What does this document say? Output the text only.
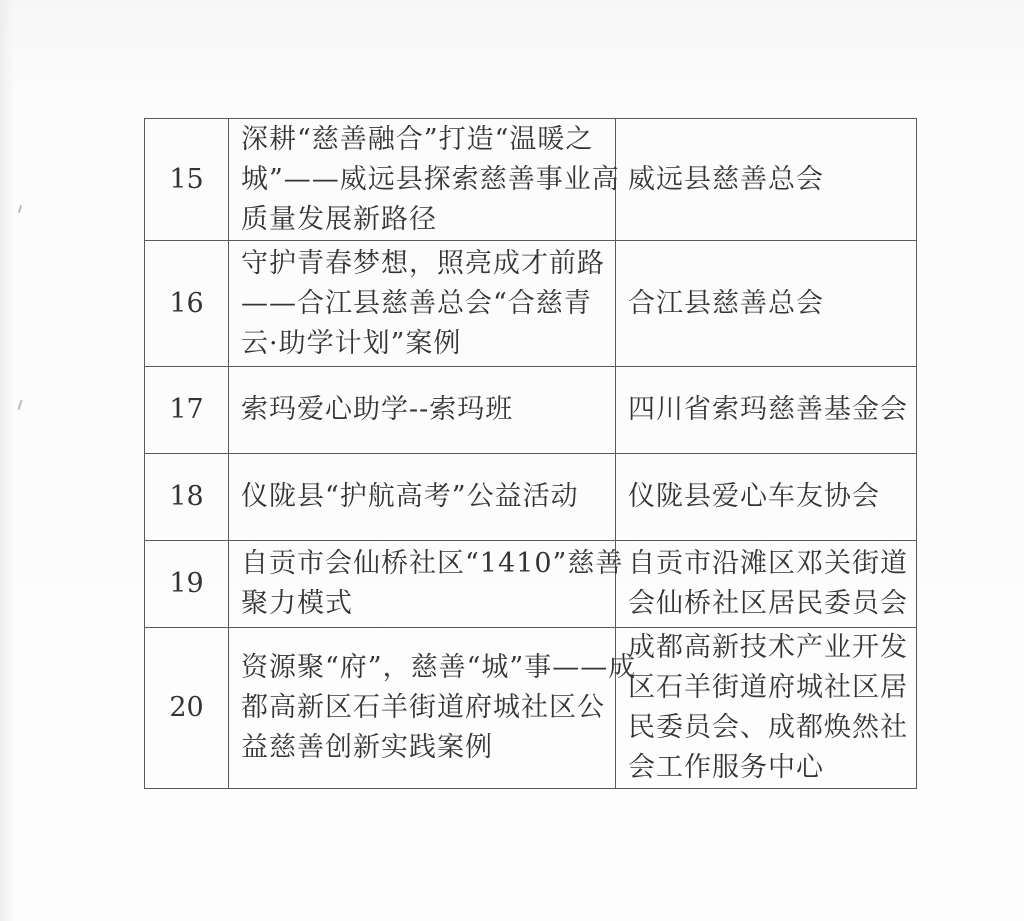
15	深耕“慈善融合”打造“温暖之
城”——威远县探索慈善事业高
质量发展新路径	威远县慈善总会

16	守护青春梦想，照亮成才前路
——合江县慈善总会“合慈青
云·助学计划”案例	合江县慈善总会

17	索玛爱心助学--索玛班	四川省索玛慈善基金会

18	仪陇县“护航高考”公益活动	仪陇县爱心车友协会

19	自贡市会仙桥社区“1410”慈善
聚力模式	自贡市沿滩区邓关街道
会仙桥社区居民委员会

20	资源聚“府”，慈善“城”事——成
都高新区石羊街道府城社区公
益慈善创新实践案例	成都高新技术产业开发
区石羊街道府城社区居
民委员会、成都焕然社
会工作服务中心
